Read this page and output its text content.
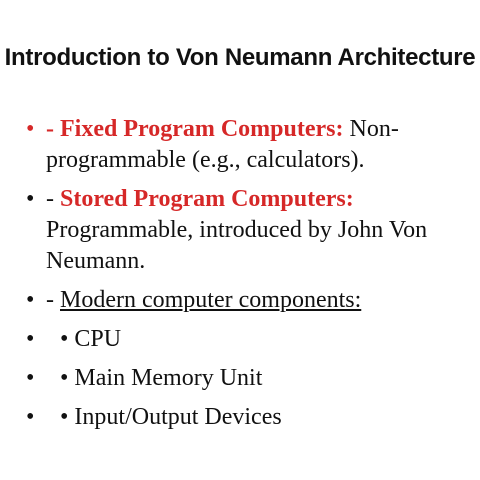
Introduction to Von Neumann Architecture
• - Fixed Program Computers: Non-programmable (e.g., calculators).
• - Stored Program Computers: Programmable, introduced by John Von Neumann.
• - Modern computer components:
• • CPU
• • Main Memory Unit
• • Input/Output Devices
